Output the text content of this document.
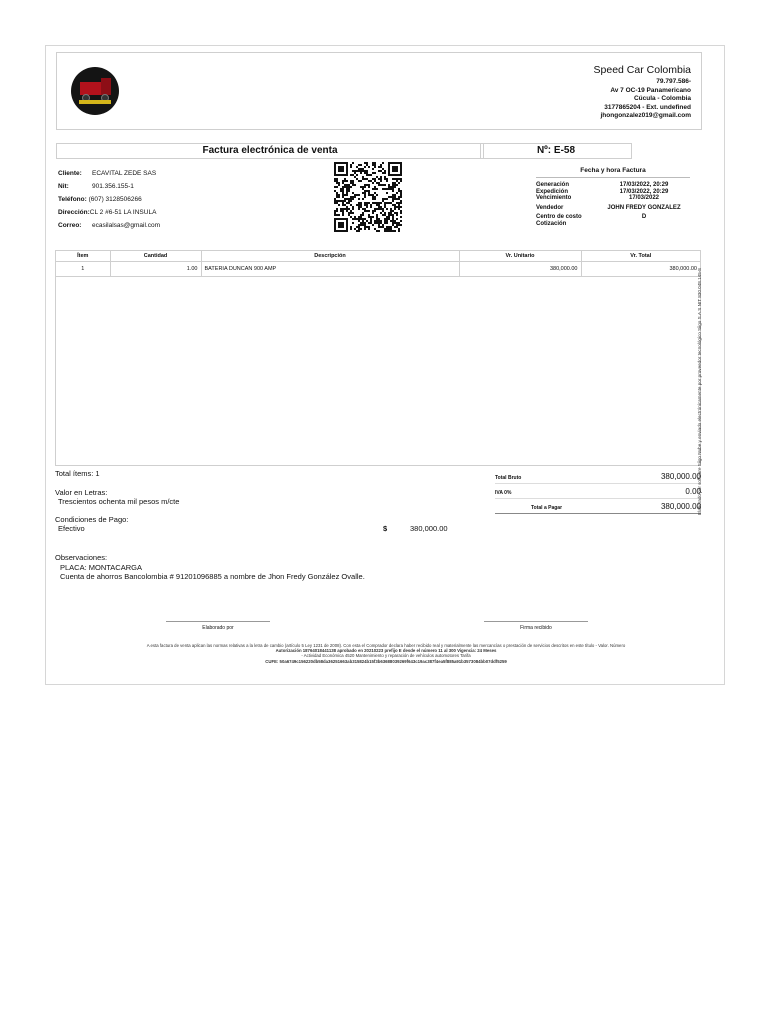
Speed Car Colombia
79.797.586-
Av 7 OC-19 Panamericano
Cúcula - Colombia
3177865204 - Ext. undefined
jhongonzalez019@gmail.com
Factura electrónica de venta	Nº: E-58
Cliente: ECAVITAL ZEDE SAS
Nit:	901.356.155-1
Teléfono: (607) 3128506266
Dirección:CL 2 #6-51 LA INSULA
Correo: ecasilalsas@gmail.com
Fecha y hora Factura
Generación	17/03/2022, 20:29
Expedición	17/03/2022, 20:29
Vencimiento	17/03/2022
Vendedor	JOHN FREDY GONZALEZ
Centro de costo	D
Cotización
Ítem	Cantidad	Descripción	Vr. Unitario	Vr. Total
1	1.00	BATERIA DUNCAN 900 AMP	380,000.00	380,000.00
Total ítems: 1
Valor en Letras:
Trescientos ochenta mil pesos m/cte
Condiciones de Pago:
Efectivo	$	380,000.00
Total Bruto	380,000.00
IVA 0%	0.00
Total a Pagar	380,000.00
Observaciones:
PLACA: MONTACARGA
Cuenta de ahorros Bancolombia # 91201096885 a nombre de Jhon Fredy González Ovalle.
Elaborado por	Firma recibido
A esta factura de venta aplican las normas relativas a la letra de cambio (artículo 5 Ley 1231 de 2008). Con esta el Comprador declara haber recibido real y materialmente las mercancías o prestación de servicios descritos en este título - Valor. Número
Autorización 18764018441138 aprobado en 20210223 prefijo E desde el número 11 al 300 Vigencia: 24 Meses
- Actividad Económica 4520 Mantenimiento y reparación de vehículos automotores Tarifa
CUFE: 50a6749c156220db58da36251663ab315824b15f3b63688039269f643c19ac387f4ea5f885a91b3573084bb07ddf5259
Elaborado por software Siigo Nube y enviado electrónicamente por proveedor tecnológico Siigo S.A.S NIT 830.048.145-8
